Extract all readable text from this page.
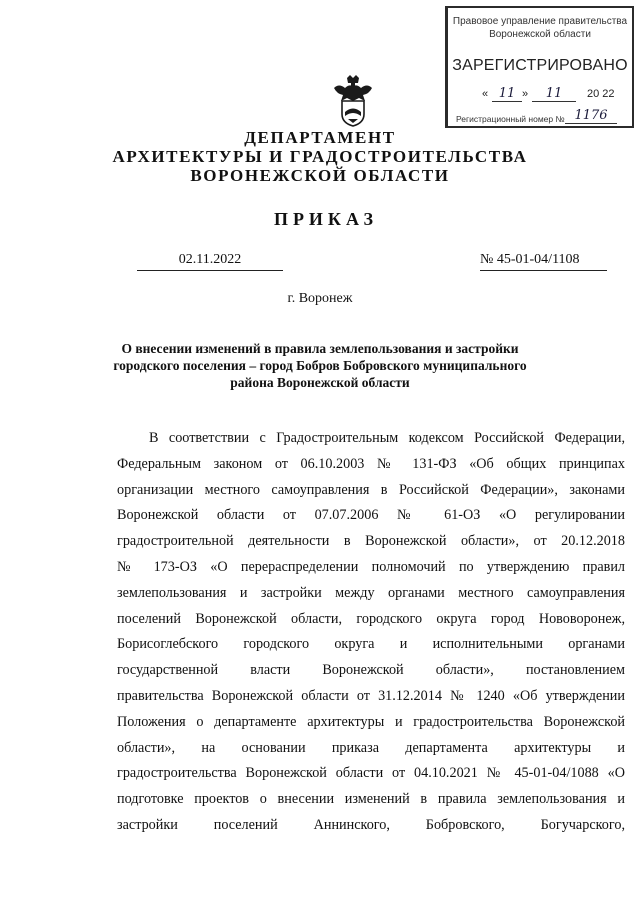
Правовое управление правительства
Воронежской области
ЗАРЕГИСТРИРОВАНО
« 11 »	11	20 22
Регистрационный номер № 1176
ДЕПАРТАМЕНТ
АРХИТЕКТУРЫ И ГРАДОСТРОИТЕЛЬСТВА
ВОРОНЕЖСКОЙ ОБЛАСТИ
ПРИКАЗ
02.11.2022	№ 45-01-04/1108
г. Воронеж
О внесении изменений в правила землепользования и застройки
городского поселения – город Бобров Бобровского муниципального
района Воронежской области
В соответствии с Градостроительным кодексом Российской Федерации,
Федеральным законом от 06.10.2003 № 131-ФЗ «Об общих принципах
организации местного самоуправления в Российской Федерации», законами
Воронежской области от 07.07.2006 № 61-ОЗ «О регулировании
градостроительной деятельности в Воронежской области», от 20.12.2018
№ 173-ОЗ «О перераспределении полномочий по утверждению правил
землепользования и застройки между органами местного самоуправления
поселений Воронежской области, городского округа город Нововоронеж,
Борисоглебского городского округа и исполнительными органами
государственной власти Воронежской области», постановлением
правительства Воронежской области от 31.12.2014 № 1240 «Об утверждении
Положения о департаменте архитектуры и градостроительства Воронежской
области», на основании приказа департамента архитектуры и
градостроительства Воронежской области от 04.10.2021 № 45-01-04/1088 «О
подготовке проектов о внесении изменений в правила землепользования и
застройки поселений Аннинского, Бобровского, Богучарского,
